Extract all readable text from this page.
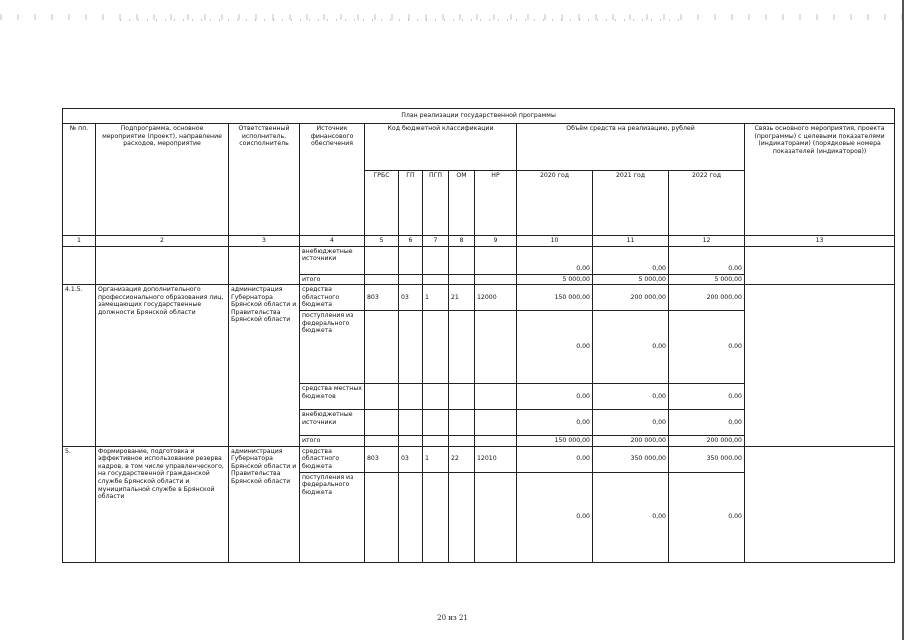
План реализации государственной программы												
№ пп.	Подпрограмма, основное мероприятие (проект), направление расходов, мероприятие	Ответственный исполнитель, соисполнитель	Источник финансового обеспечения	Код бюджетной классификации					Объём средств на реализацию, рублей			Связь основного мероприятия, проекта (программы) с целевыми показателями (индикаторами) (порядковые номера показателей (индикаторов))
				ГРБС	ГП	ПГП	ОМ	НР	2020 год	2021 год	2022 год	
1	2	3	4	5	6	7	8	9	10	11	12	13
			внебюджетные источники						0,00	0,00	0,00	
			итого						5 000,00	5 000,00	5 000,00	
4.1.5.	Организация дополнительного профессионального образования лиц, замещающих государственные должности Брянской области	администрация Губернатора Брянской области и Правительства Брянской области	средства областного бюджета	803	03	1	21	12000	150 000,00	200 000,00	200 000,00	
			поступления из федерального бюджета						0,00	0,00	0,00	
			средства местных бюджетов						0,00	0,00	0,00	
			внебюджетные источники						0,00	0,00	0,00	
			итого						150 000,00	200 000,00	200 000,00	
5.	Формирование, подготовка и эффективное использование резерва кадров, в том числе управленческого, на государственной гражданской службе Брянской области и муниципальной службе в Брянской области	администрация Губернатора Брянской области и Правительства Брянской области	средства областного бюджета	803	03	1	22	12010	0,00	350 000,00	350 000,00	
			поступления из федерального бюджета						0,00	0,00	0,00	
20 из 21
